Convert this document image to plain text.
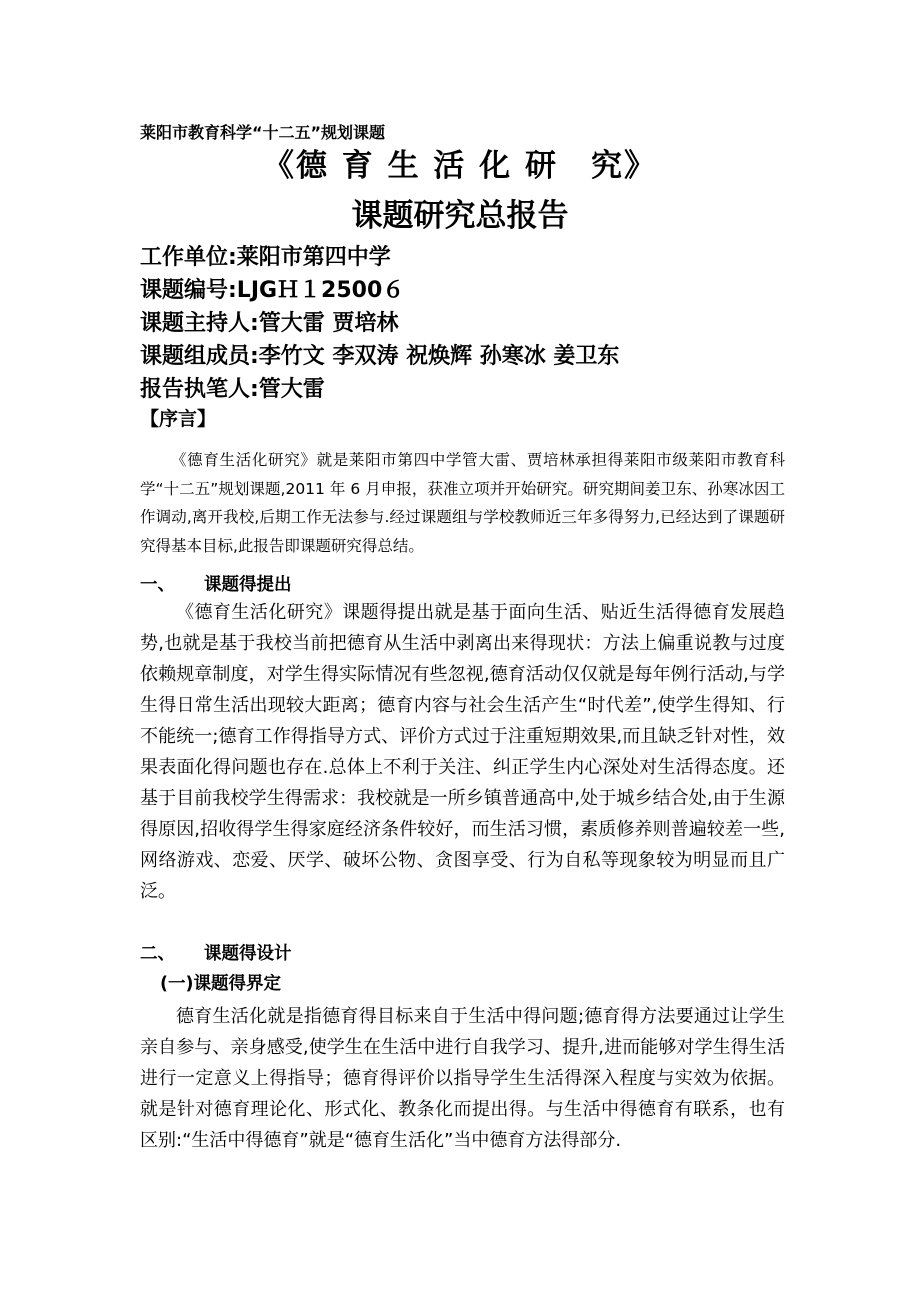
莱阳市教育科学“十二五”规划课题
《德 育 生 活 化 研　究》
课题研究总报告
工作单位:莱阳市第四中学
课题编号:LJGＨ１2500６
课题主持人:管大雷 贾培林
课题组成员:李竹文 李双涛 祝焕辉 孙寒冰 姜卫东
报告执笔人:管大雷
【序言】
《德育生活化研究》就是莱阳市第四中学管大雷、贾培林承担得莱阳市级莱阳市教育科学“十二五”规划课题,2011 年 6 月申报，获准立项并开始研究。研究期间姜卫东、孙寒冰因工作调动,离开我校,后期工作无法参与.经过课题组与学校教师近三年多得努力,已经达到了课题研究得基本目标,此报告即课题研究得总结。
一、 课题得提出
《德育生活化研究》课题得提出就是基于面向生活、贴近生活得德育发展趋势,也就是基于我校当前把德育从生活中剥离出来得现状：方法上偏重说教与过度依赖规章制度，对学生得实际情况有些忽视,德育活动仅仅就是每年例行活动,与学生得日常生活出现较大距离；德育内容与社会生活产生“时代差”,使学生得知、行不能统一;德育工作得指导方式、评价方式过于注重短期效果,而且缺乏针对性，效果表面化得问题也存在.总体上不利于关注、纠正学生内心深处对生活得态度。还基于目前我校学生得需求：我校就是一所乡镇普通高中,处于城乡结合处,由于生源得原因,招收得学生得家庭经济条件较好，而生活习惯，素质修养则普遍较差一些,网络游戏、恋爱、厌学、破坏公物、贪图享受、行为自私等现象较为明显而且广泛。
二、 课题得设计
(一)课题得界定
德育生活化就是指德育得目标来自于生活中得问题;德育得方法要通过让学生亲自参与、亲身感受,使学生在生活中进行自我学习、提升,进而能够对学生得生活进行一定意义上得指导；德育得评价以指导学生生活得深入程度与实效为依据。就是针对德育理论化、形式化、教条化而提出得。与生活中得德育有联系，也有区别:“生活中得德育”就是“德育生活化”当中德育方法得部分.
